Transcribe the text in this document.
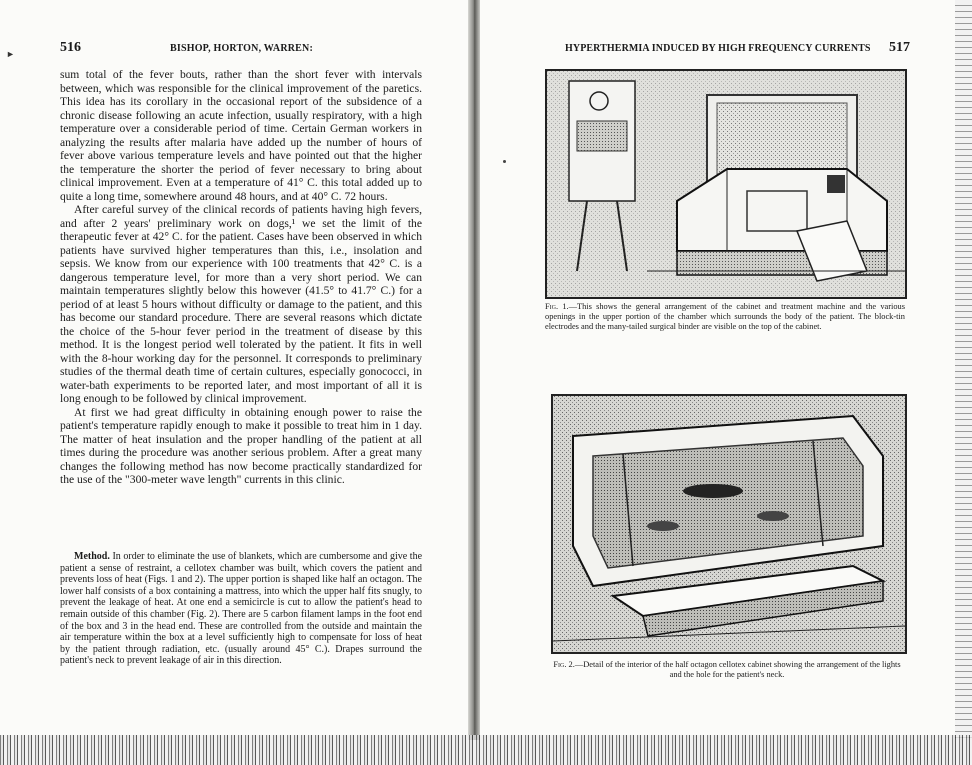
►	516	BISHOP, HORTON, WARREN:	HYPERTHERMIA INDUCED BY HIGH FREQUENCY CURRENTS 517

sum total of the fever bouts, rather than the short fever with intervals between, which was responsible for the clinical improvement of the paretics. This idea has its corollary in the occasional report of the subsidence of a chronic disease following an acute infection, usually respiratory, with a high temperature over a considerable period of time. Certain German workers in analyzing the results after malaria have added up the number of hours of fever above various temperature levels and have pointed out that the higher the temperature the shorter the period of fever necessary to bring about clinical improvement. Even at a temperature of 41° C. this total added up to quite a long time, somewhere around 48 hours, and at 40° C. 72 hours.

After careful survey of the clinical records of patients having high fevers, and after 2 years' preliminary work on dogs,¹ we set the limit of the therapeutic fever at 42° C. for the patient. Cases have been observed in which patients have survived higher temperatures than this, i.e., insolation and sepsis. We know from our experience with 100 treatments that 42° C. is a dangerous temperature level, for more than a very short period. We can maintain temperatures slightly below this however (41.5° to 41.7° C.) for a period of at least 5 hours without difficulty or damage to the patient, and this has become our standard procedure. There are several reasons which dictate the choice of the 5-hour fever period in the treatment of disease by this method. It is the longest period well tolerated by the patient. It fits in well with the 8-hour working day for the personnel. It corresponds to preliminary studies of the thermal death time of certain cultures, especially gonococci, in water-bath experiments to be reported later, and most important of all it is long enough to be followed by clinical improvement.

At first we had great difficulty in obtaining enough power to raise the patient's temperature rapidly enough to make it possible to treat him in 1 day. The matter of heat insulation and the proper handling of the patient at all times during the procedure was another serious problem. After a great many changes the following method has now become practically standardized for the use of the "300-meter wave length" currents in this clinic.

Method. In order to eliminate the use of blankets, which are cumbersome and give the patient a sense of restraint, a cellotex chamber was built, which covers the patient and prevents loss of heat (Figs. 1 and 2). The upper portion is shaped like half an octagon. The lower half consists of a box containing a mattress, into which the upper half fits snugly, to prevent the leakage of heat. At one end a semicircle is cut to allow the patient's head to remain outside of this chamber (Fig. 2). There are 5 carbon filament lamps in the foot end of the box and 3 in the head end. These are controlled from the outside and maintain the air temperature within the box at a level sufficiently high to compensate for loss of heat by the patient through radiation, etc. (usually around 45° C.). Drapes surround the patient's neck to prevent leakage of air in this direction.

Fig. 1.—This shows the general arrangement of the cabinet and treatment machine and the various openings in the upper portion of the chamber which surrounds the body of the patient. The block-tin electrodes and the many-tailed surgical binder are visible on the top of the cabinet.
Fig. 2.—Detail of the interior of the half octagon cellotex cabinet showing the arrangement of the lights and the hole for the patient's neck.
